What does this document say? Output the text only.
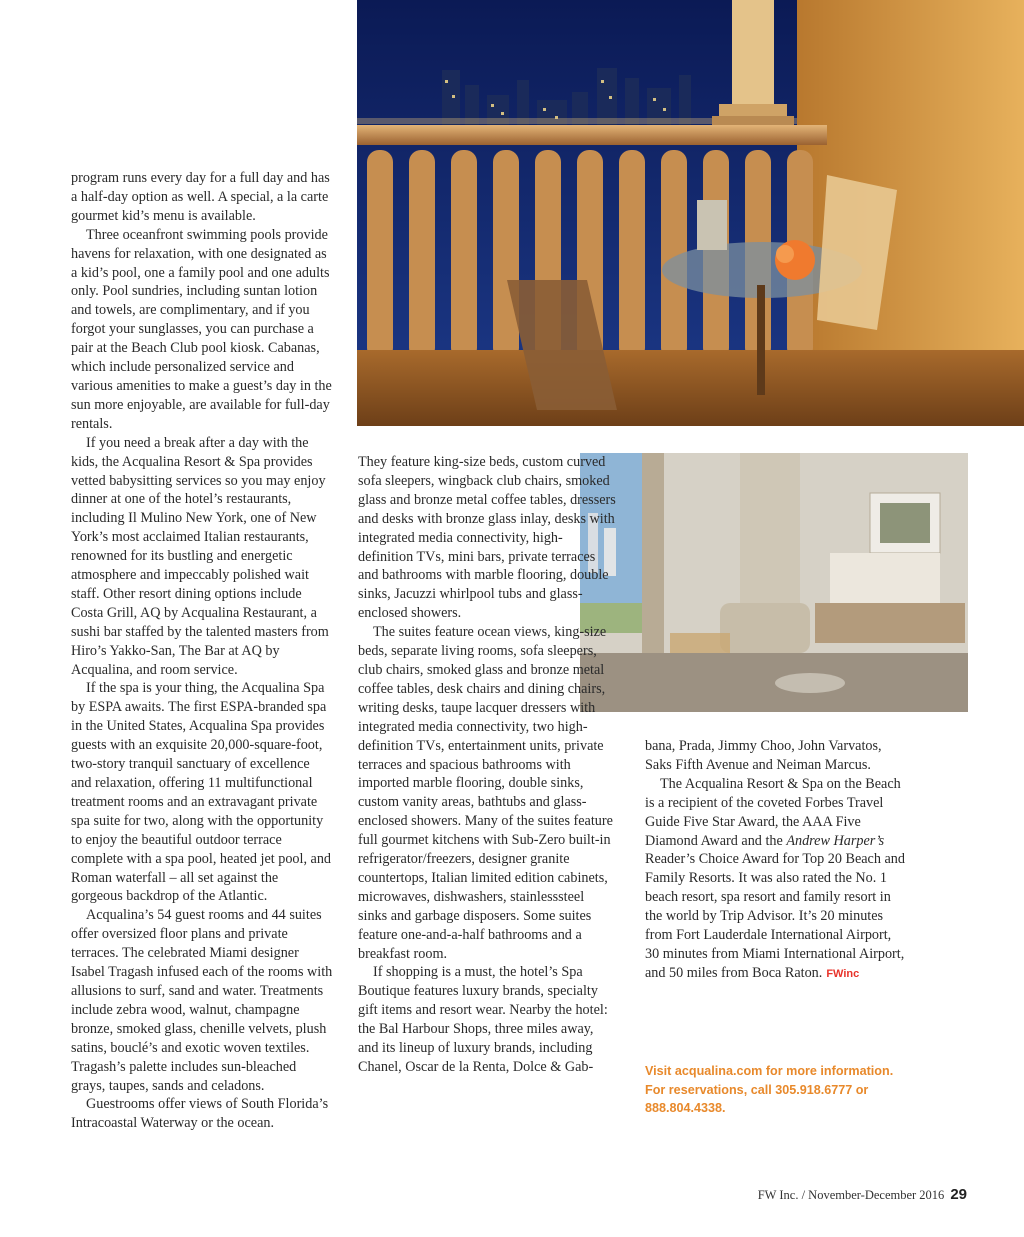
program runs every day for a full day and has a half-day option as well. A special, a la carte gourmet kid’s menu is available.

Three oceanfront swimming pools provide havens for relaxation, with one designated as a kid’s pool, one a family pool and one adults only. Pool sundries, including suntan lotion and towels, are complimentary, and if you forgot your sunglasses, you can purchase a pair at the Beach Club pool kiosk. Cabanas, which include personalized service and various amenities to make a guest’s day in the sun more enjoyable, are available for full-day rentals.

If you need a break after a day with the kids, the Acqualina Resort & Spa provides vetted babysitting services so you may enjoy dinner at one of the hotel’s restaurants, including Il Mulino New York, one of New York’s most acclaimed Italian restaurants, renowned for its bustling and energetic atmosphere and impeccably polished wait staff. Other resort dining options include Costa Grill, AQ by Acqualina Restaurant, a sushi bar staffed by the talented masters from Hiro’s Yakko-San, The Bar at AQ by Acqualina, and room service.

If the spa is your thing, the Acqualina Spa by ESPA awaits. The first ESPA-branded spa in the United States, Acqualina Spa provides guests with an exquisite 20,000-square-foot, two-story tranquil sanctuary of excellence and relaxation, offering 11 multifunctional treatment rooms and an extravagant private spa suite for two, along with the opportunity to enjoy the beautiful outdoor terrace complete with a spa pool, heated jet pool, and Roman waterfall – all set against the gorgeous backdrop of the Atlantic.

Acqualina’s 54 guest rooms and 44 suites offer oversized floor plans and private terraces. The celebrated Miami designer Isabel Tragash infused each of the rooms with allusions to surf, sand and water. Treatments include zebra wood, walnut, champagne bronze, smoked glass, chenille velvets, plush satins, bouclé’s and exotic woven textiles. Tragash’s palette includes sun-bleached grays, taupes, sands and celadons.

Guestrooms offer views of South Florida’s Intracoastal Waterway or the ocean.

They feature king-size beds, custom curved sofa sleepers, wingback club chairs, smoked glass and bronze metal coffee tables, dressers and desks with bronze glass inlay, desks with integrated media connectivity, high-definition TVs, mini bars, private terraces and bathrooms with marble flooring, double sinks, Jacuzzi whirlpool tubs and glass-enclosed showers.

The suites feature ocean views, king-size beds, separate living rooms, sofa sleepers, club chairs, smoked glass and bronze metal coffee tables, desk chairs and dining chairs, writing desks, taupe lacquer dressers with integrated media connectivity, two high-definition TVs, entertainment units, private terraces and spacious bathrooms with imported marble flooring, double sinks, custom vanity areas, bathtubs and glass-enclosed showers. Many of the suites feature full gourmet kitchens with Sub-Zero built-in refrigerator/freezers, designer granite countertops, Italian limited edition cabinets, microwaves, dishwashers, stainlesssteel sinks and garbage disposers. Some suites feature one-and-a-half bathrooms and a breakfast room.

If shopping is a must, the hotel’s Spa Boutique features luxury brands, specialty gift items and resort wear. Nearby the hotel: the Bal Harbour Shops, three miles away, and its lineup of luxury brands, including Chanel, Oscar de la Renta, Dolce & Gab-

bana, Prada, Jimmy Choo, John Varvatos, Saks Fifth Avenue and Neiman Marcus.

The Acqualina Resort & Spa on the Beach is a recipient of the coveted Forbes Travel Guide Five Star Award, the AAA Five Diamond Award and the Andrew Harper’s Reader’s Choice Award for Top 20 Beach and Family Resorts. It was also rated the No. 1 beach resort, spa resort and family resort in the world by Trip Advisor. It’s 20 minutes from Fort Lauderdale International Airport, 30 minutes from Miami International Airport, and 50 miles from Boca Raton. FWinc

Visit acqualina.com for more information.
For reservations, call 305.918.6777 or
888.804.4338.
FW Inc. / November-December 2016 29
